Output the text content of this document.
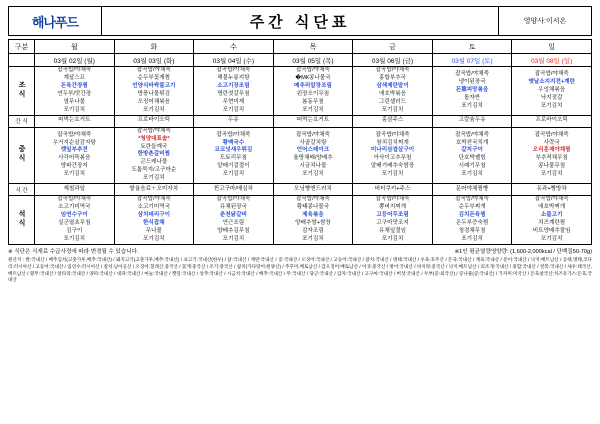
해나푸드	주간 식단표	영양사:이서온
구분	월	화	수	목	금	토	일
	03월 02일 (월)	03월 03일 (화)	03월 04일 (수)	03월 05일 (목)	03월 06일 (금)	03월 07일 (토)	03월 08일 (일)
조식	
잡곡밥/야채죽
계살스프
돈육간장찜
연두부/맛간장
열무나물
포기김치

잡곡밥/야채죽
순두부꽃게찜
언양식바싹불고기
방풍나물튀김
오징어채볶음
포기김치

잡곡밥/야채죽
해물누룽지탕
소고기장조림
명란젓갈무침
무현미제
포기김치

잡곡밥/야채죽
�МК콩나물국
메추리알장조림
윈장오이무침
봄동무침
포기김치

잡곡밥/야채죽
홍합부추국
삼색제란말이
애호박볶음
그린샐러드
포기김치

잡곡밥/야채죽
냉이된장국
돈葉피망볶음
돌자반
포기김치

잡곡밥/야채죽
맷낱소지지전+계란
우엉채볶음
낙지젓갈
포기김치

간 식	떠먹는요거트	프로바이오틱	두유	떠먹는요거트	홍삼주스	고칼슘두유	프로바이오틱

중식	
잡곡밥/야채죽
우거지순살감자탕
깻잎부추전
사각어묵볶음
양파간장지
포기김치

잡곡밥/야채죽
*청양대표솥*
토란들깨국
한방촌갈비찜
곤드레나물
도톰묵지/고구마순
포기김치

잡곡밥/야채죽
황맥국수
코코넛새우튀김
도토리무침
알배기겉절이
포기김치

잡곡밥/야채죽
사골갈치탕
언어스테이크
율방채배/양배추
시금치나물
포기김치

잡곡밥/야채죽
참치김치찌개
미나리삼겹살구이
아삭이고추무침
알배기배추숙쌈장
포기김치

잡곡밥/야채죽
호박전국치개
갈치구이
단호박쌜힘
시래기무침
포기김치

잡곡밥/야채죽
사락국
오리훈제야채찜
부추적채무침
콩나물무침
포기김치

식 간	제철과일	쌀율음료＋오미자차	찐고구마/매실차	모닝빵앤드러치	버터쿠키+주스	문어야채찜빵	유과+빵방차

석식	
잡곡밥/야채죽
소고기미역국
임연수구이
실군열초무침
김구이
포기김치

잡곡밥/야채죽
소고기미역국
삼치데리구이
한식잡채
무나물
포기김치

잡곡밥/야채죽
유채된장국
춘천닭갈비
연근조림
양배추김무침
포기김치

잡곡밥/야채죽
황태콩나물국
제육볶음
양배추쌈+쌈장
감자조림
포기김치

잡곡밥/야채죽
뽕버지찌개
고등어무조림
고구마맛조지
유채잎절임
포기김치

잡곡밥/야채죽
순두부찌개
김치돈육찜
온두부증숙찜
청경채무침
포기김치

잡곡밥/야채죽
애호박찌개
소불고기
치즈계란찜
비트양배추잘임
포기김치
※ 식단은 식재료 수급사정에 따라 변경될 수 있습니다.	※1인 평균열량영양량: (1,600-2,000kcal / 단백질50-70g)
원산지 : 쌀:국내산 / 배추김치(고춧가루,배추:국내산) / 돼지고기(고춧가루,배추:국내산) / 쇠고기:국내산(한우) / 닭:국내산 / 계란:국내산 / 콩:국내산 / 오징어:국내산 / 고등어:국내산 / 갈치:국내산 / 명태:국내산 / 우육:호주산 / 돈육:국내산 / 계육:국내산 / 문어:국내산 / 낙지:배트남산 / 동태,명태,코다리:러시아산 / 고등어:국내산 / 임연수:러시아산 / 갈치:남아공산 / 오징어:칠레산,중국산 / 꽃게:중국산 / 조기:중국산 / 참치(가다랑어:원양산) / 추꾸미,배토남산 / 갑오징어:배토남산 / 아귀:중국산 / 방어:국내산 / 바지락:중국산 / 낙지:배트남산 / 피조개:국내산 / 홍합:국내산 / 전복:국내산 / 새우:태국산,베트남산 / 열무:국내산 / 알타리:국내산 / 양파:국내산 / 대파:국내산 / 마늘:국내산 / 깻잎:국내산 / 상추:국내산 / 시금치:국내산 / 배추:국내산 / 무:국내산 / 당근:국내산 / 감자:국내산 / 고구마:국내산 / 버섯:국내산 / 두부(콩:외국산) / 콩나물(콩:국내산) / 가자미:미국산 / 돈육살국산:치즈유가스:돈육,국내산
